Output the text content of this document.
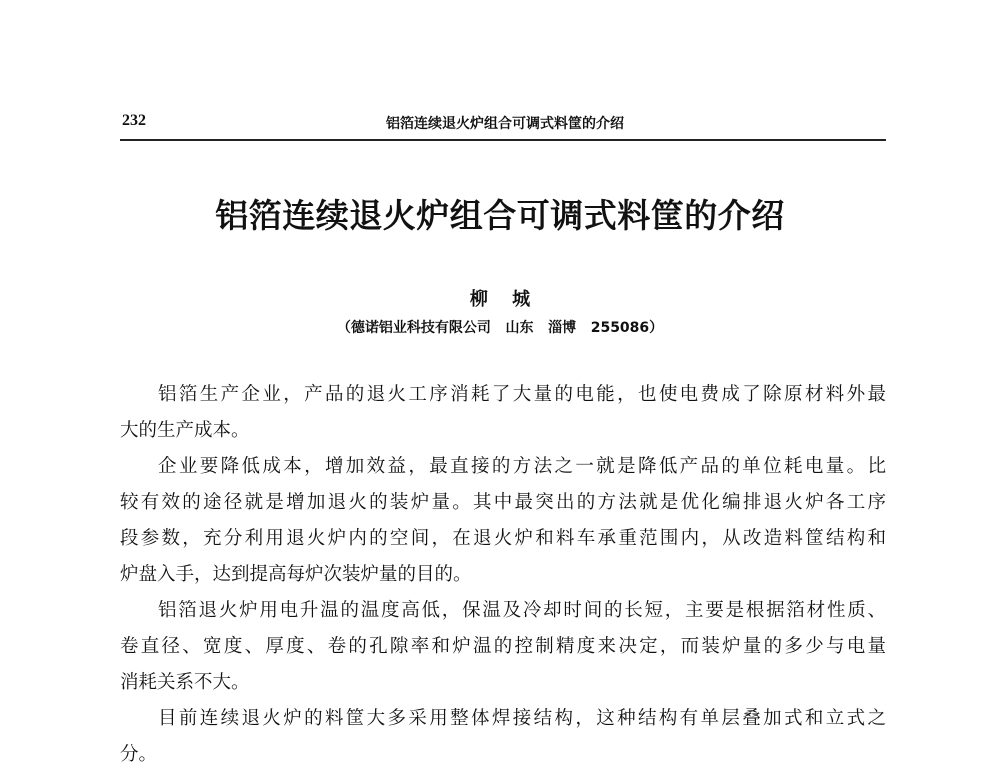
232	铝箔连续退火炉组合可调式料筐的介绍
铝箔连续退火炉组合可调式料筐的介绍
柳 城
（德诺铝业科技有限公司   山东   淄博   255086）
铝箔生产企业，产品的退火工序消耗了大量的电能，也使电费成了除原材料外最
大的生产成本。
企业要降低成本，增加效益，最直接的方法之一就是降低产品的单位耗电量。比
较有效的途径就是增加退火的装炉量。其中最突出的方法就是优化编排退火炉各工序
段参数，充分利用退火炉内的空间，在退火炉和料车承重范围内，从改造料筐结构和
炉盘入手，达到提高每炉次装炉量的目的。
铝箔退火炉用电升温的温度高低，保温及冷却时间的长短，主要是根据箔材性质、
卷直径、宽度、厚度、卷的孔隙率和炉温的控制精度来决定，而装炉量的多少与电量
消耗关系不大。
目前连续退火炉的料筐大多采用整体焊接结构，这种结构有单层叠加式和立式之
分。
